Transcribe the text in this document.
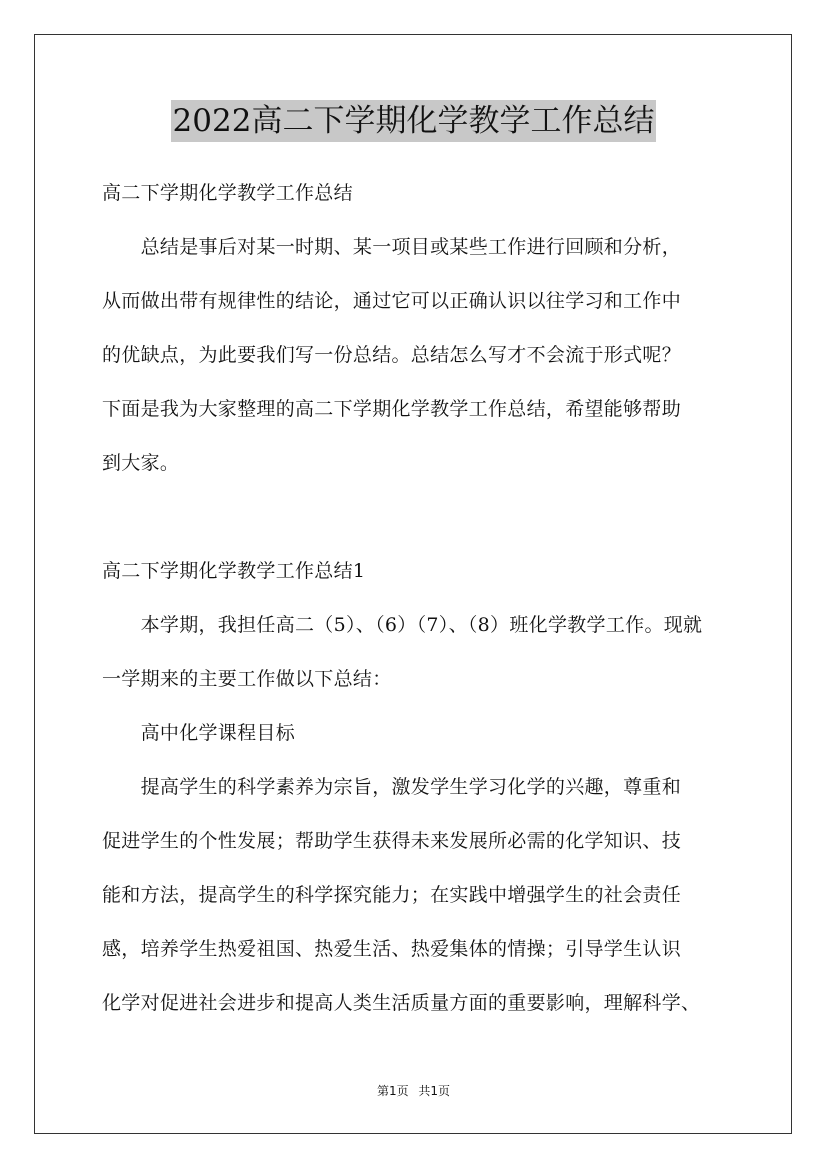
2022高二下学期化学教学工作总结
高二下学期化学教学工作总结
　　总结是事后对某一时期、某一项目或某些工作进行回顾和分析，
从而做出带有规律性的结论，通过它可以正确认识以往学习和工作中
的优缺点，为此要我们写一份总结。总结怎么写才不会流于形式呢？
下面是我为大家整理的高二下学期化学教学工作总结，希望能够帮助
到大家。
高二下学期化学教学工作总结1
　　本学期，我担任高二（5）、（6）（7）、（8）班化学教学工作。现就
一学期来的主要工作做以下总结：
　　高中化学课程目标
　　提高学生的科学素养为宗旨，激发学生学习化学的兴趣，尊重和
促进学生的个性发展；帮助学生获得未来发展所必需的化学知识、技
能和方法，提高学生的科学探究能力；在实践中增强学生的社会责任
感，培养学生热爱祖国、热爱生活、热爱集体的情操；引导学生认识
化学对促进社会进步和提高人类生活质量方面的重要影响，理解科学、
第1页 共1页
